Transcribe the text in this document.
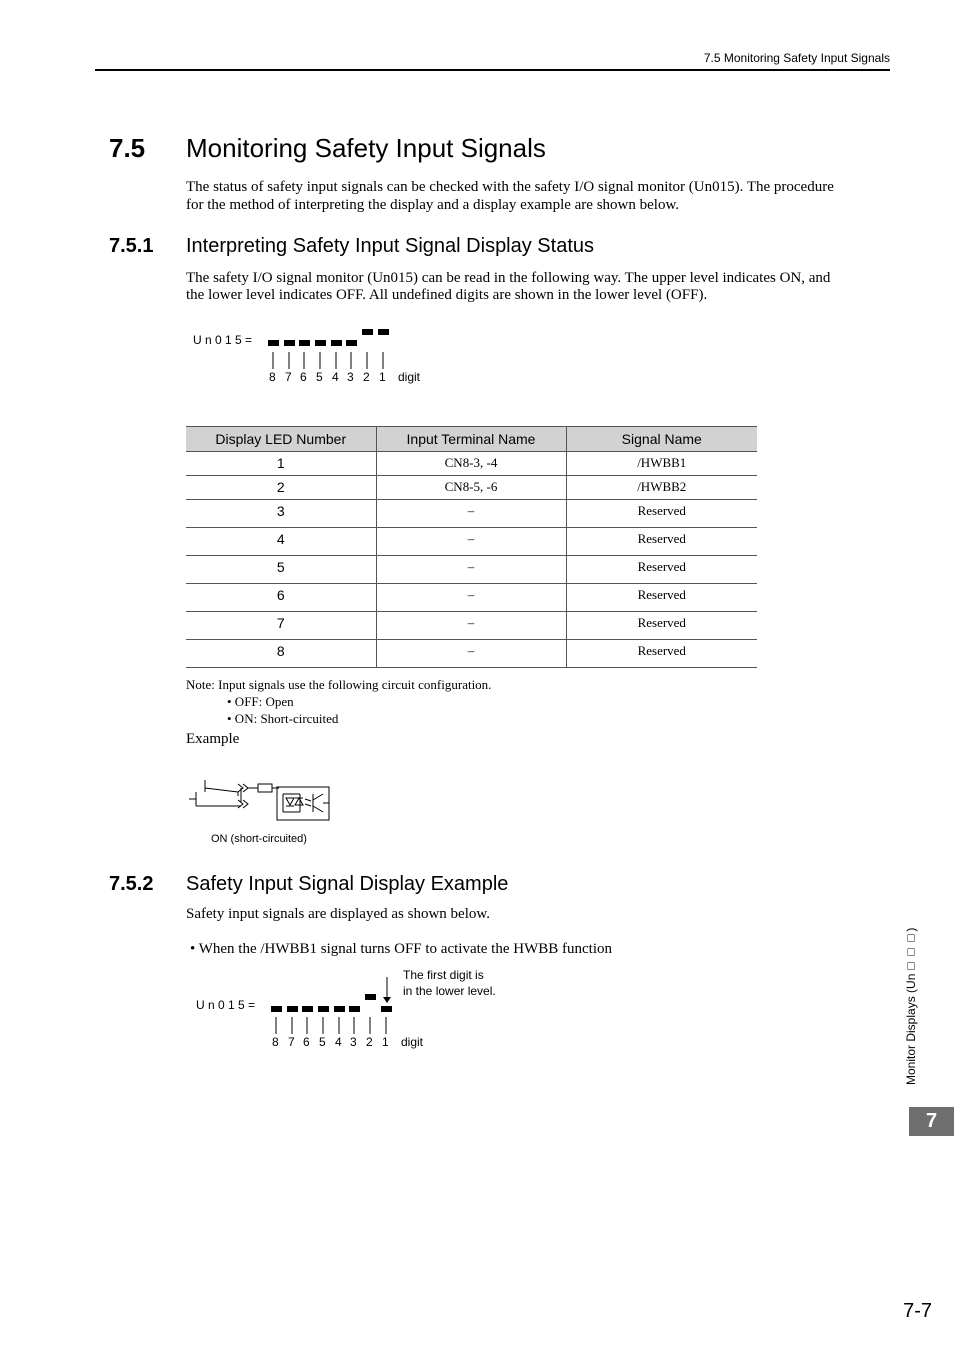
7.5 Monitoring Safety Input Signals
7.5 Monitoring Safety Input Signals
The status of safety input signals can be checked with the safety I/O signal monitor (Un015). The procedure
for the method of interpreting the display and a display example are shown below.
7.5.1 Interpreting Safety Input Signal Display Status
The safety I/O signal monitor (Un015) can be read in the following way. The upper level indicates ON, and
the lower level indicates OFF. All undefined digits are shown in the lower level (OFF).
U n 0 1 5 =
8 7 6 5 4 3 2 1 digit
Display LED Number	Input Terminal Name	Signal Name

1	CN8-3, -4	/HWBB1

2	CN8-5, -6	/HWBB2

3	–	Reserved

4	–	Reserved

5	–	Reserved

6	–	Reserved

7	–	Reserved

8	–	Reserved
Note: Input signals use the following circuit configuration.
• OFF: Open
• ON: Short-circuited
Example
ON (short-circuited)
7.5.2 Safety Input Signal Display Example
Safety input signals are displayed as shown below.
• When the /HWBB1 signal turns OFF to activate the HWBB function
U n 0 1 5 =
The first digit is
in the lower level.
8 7 6 5 4 3 2 1 digit	Monitor Displays (Un□□□)
7
7-7
